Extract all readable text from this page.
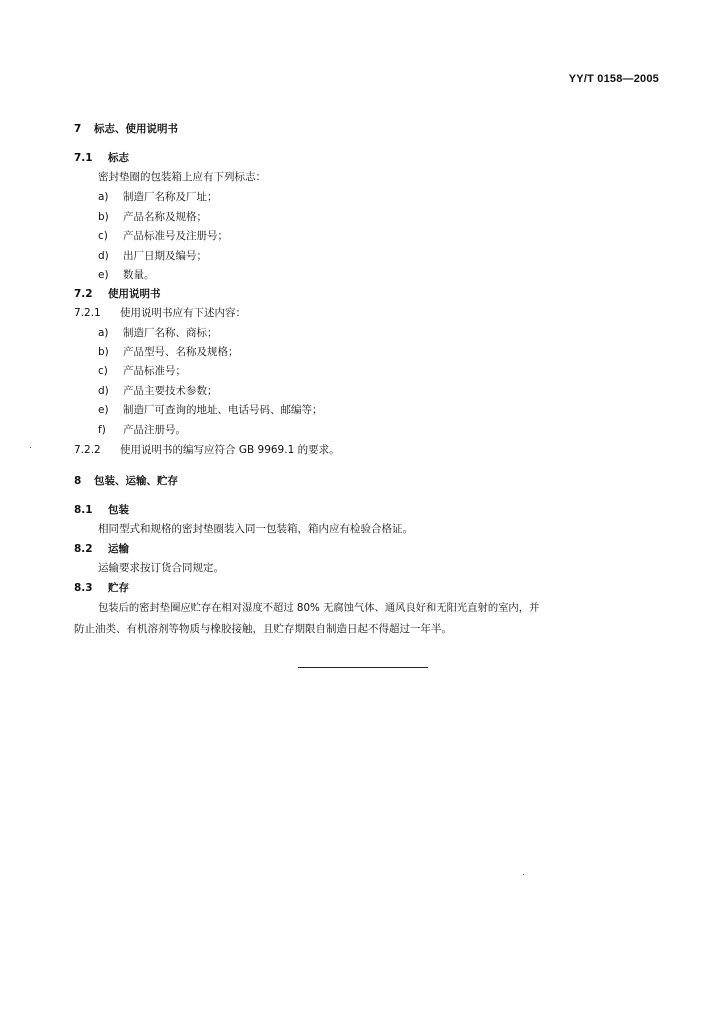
YY/T 0158—2005
7 标志、使用说明书
7.1 标志
密封垫圈的包装箱上应有下列标志：
a) 制造厂名称及厂址；
b) 产品名称及规格；
c) 产品标准号及注册号；
d) 出厂日期及编号；
e) 数量。
7.2 使用说明书
7.2.1 使用说明书应有下述内容：
a) 制造厂名称、商标；
b) 产品型号、名称及规格；
c) 产品标准号；
d) 产品主要技术参数；
e) 制造厂可查询的地址、电话号码、邮编等；
f) 产品注册号。
7.2.2 使用说明书的编写应符合 GB 9969.1 的要求。
8 包装、运输、贮存
8.1 包装
相同型式和规格的密封垫圈装入同一包装箱，箱内应有检验合格证。
8.2 运输
运输要求按订货合同规定。
8.3 贮存
包装后的密封垫圈应贮存在相对湿度不超过 80% 无腐蚀气体、通风良好和无阳光直射的室内，并
防止油类、有机溶剂等物质与橡胶接触，且贮存期限自制造日起不得超过一年半。
